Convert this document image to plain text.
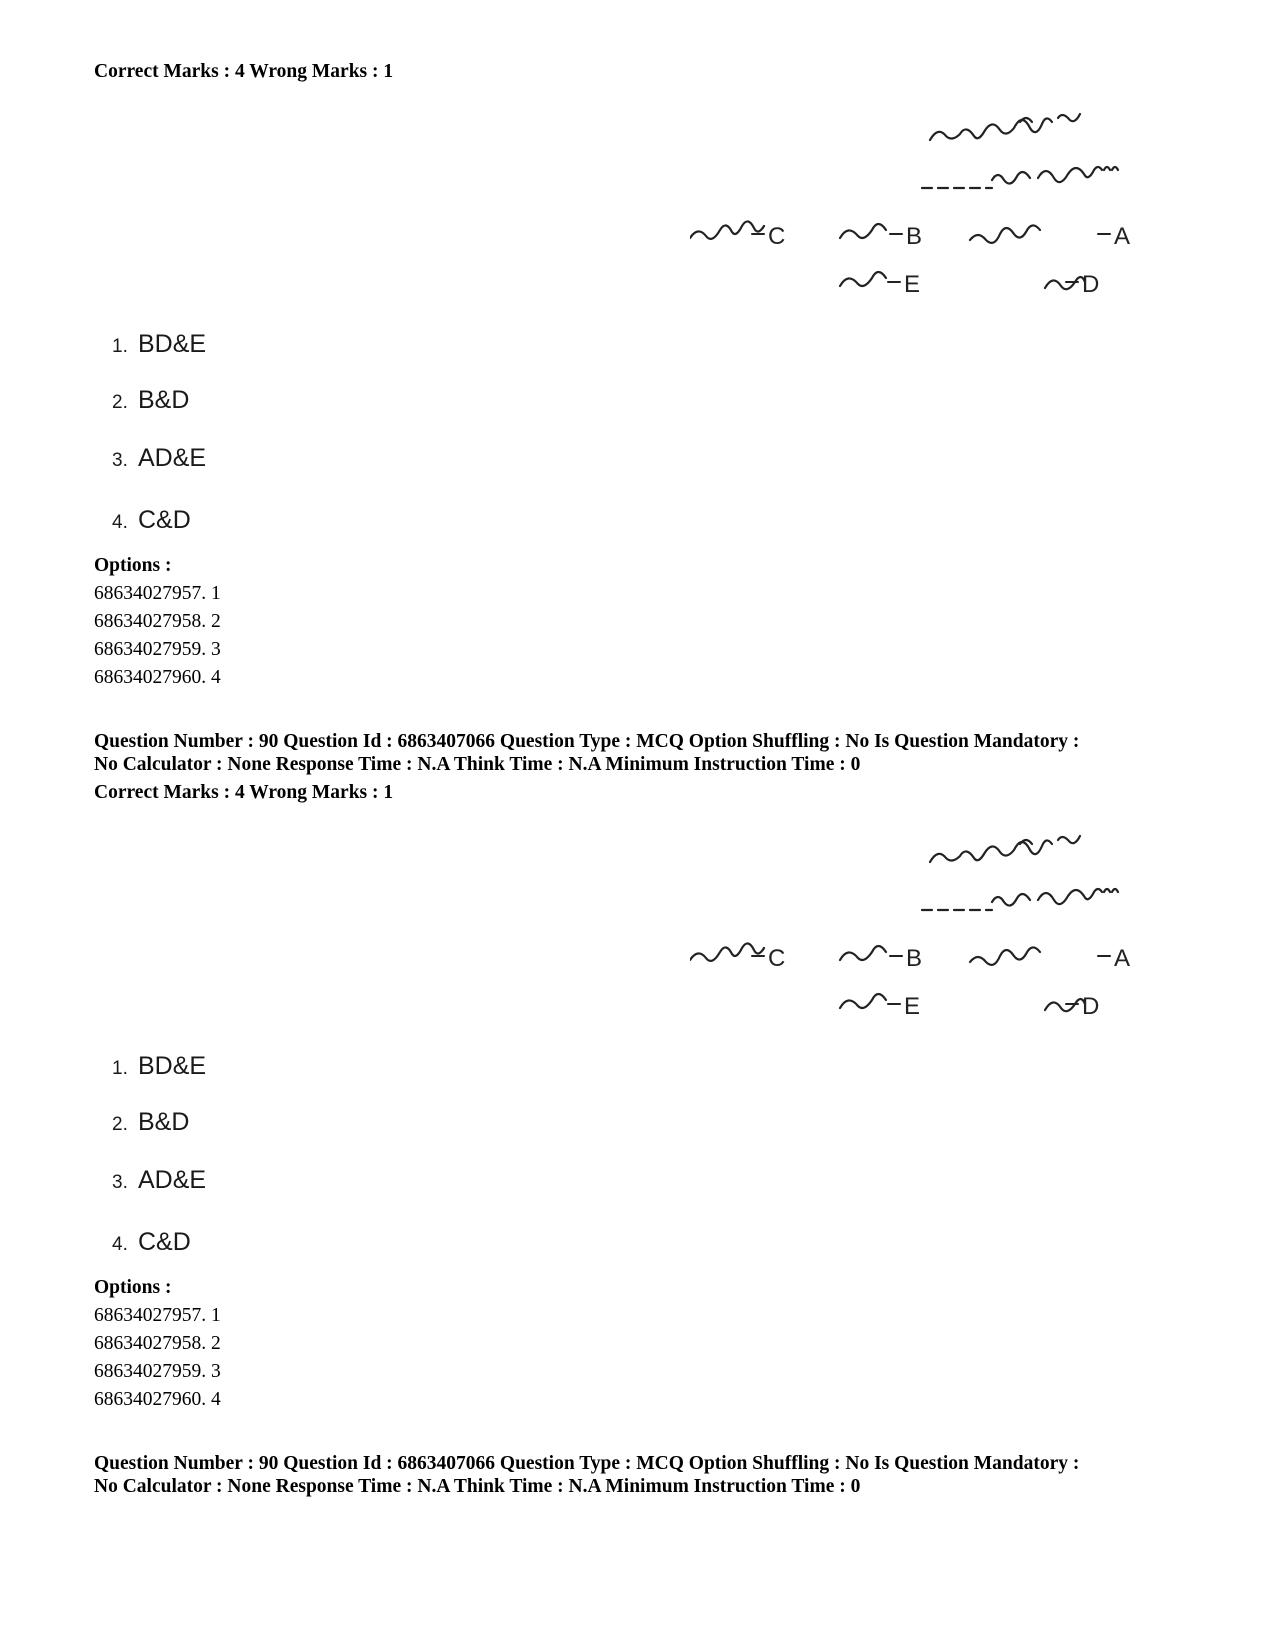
Correct Marks : 4 Wrong Marks : 1
A
B
C
D
E
1. BD&E
2. B&D
3. AD&E
4. C&D
Options :
68634027957. 1
68634027958. 2
68634027959. 3
68634027960. 4
Question Number : 90 Question Id : 6863407066 Question Type : MCQ Option Shuffling : No Is Question Mandatory :
No Calculator : None Response Time : N.A Think Time : N.A Minimum Instruction Time : 0
Correct Marks : 4 Wrong Marks : 1
A
B
C
D
E
1. BD&E
2. B&D
3. AD&E
4. C&D
Options :
68634027957. 1
68634027958. 2
68634027959. 3
68634027960. 4
Question Number : 90 Question Id : 6863407066 Question Type : MCQ Option Shuffling : No Is Question Mandatory :
No Calculator : None Response Time : N.A Think Time : N.A Minimum Instruction Time : 0
